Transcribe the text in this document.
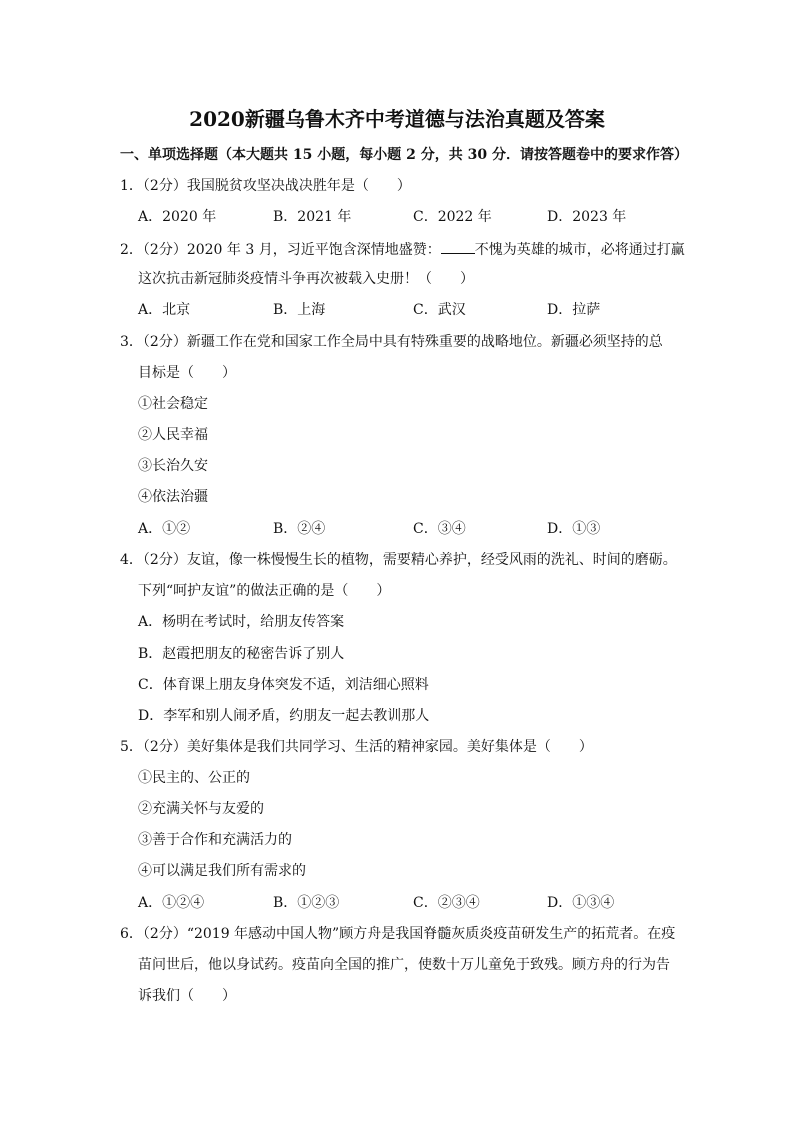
2020新疆乌鲁木齐中考道德与法治真题及答案
一、单项选择题（本大题共 15 小题，每小题 2 分，共 30 分．请按答题卷中的要求作答）
1．（2分）我国脱贫攻坚决战决胜年是（　　）
A．2020 年	B．2021 年	C．2022 年	D．2023 年
2．（2分）2020 年 3 月，习近平饱含深情地盛赞： 不愧为英雄的城市，必将通过打赢
这次抗击新冠肺炎疫情斗争再次被载入史册！（　　）
A．北京	B．上海	C．武汉	D．拉萨
3．（2分）新疆工作在党和国家工作全局中具有特殊重要的战略地位。新疆必须坚持的总
目标是（　　）
①社会稳定
②人民幸福
③长治久安
④依法治疆
A．①②	B．②④	C．③④	D．①③
4．（2分）友谊，像一株慢慢生长的植物，需要精心养护，经受风雨的洗礼、时间的磨砺。
下列“呵护友谊”的做法正确的是（　　）
A．杨明在考试时，给朋友传答案
B．赵霞把朋友的秘密告诉了别人
C．体育课上朋友身体突发不适，刘洁细心照料
D．李军和别人闹矛盾，约朋友一起去教训那人
5．（2分）美好集体是我们共同学习、生活的精神家园。美好集体是（　　）
①民主的、公正的
②充满关怀与友爱的
③善于合作和充满活力的
④可以满足我们所有需求的
A．①②④	B．①②③	C．②③④	D．①③④
6．（2分）“2019 年感动中国人物”顾方舟是我国脊髓灰质炎疫苗研发生产的拓荒者。在疫
苗问世后，他以身试药。疫苗向全国的推广，使数十万儿童免于致残。顾方舟的行为告
诉我们（　　）
